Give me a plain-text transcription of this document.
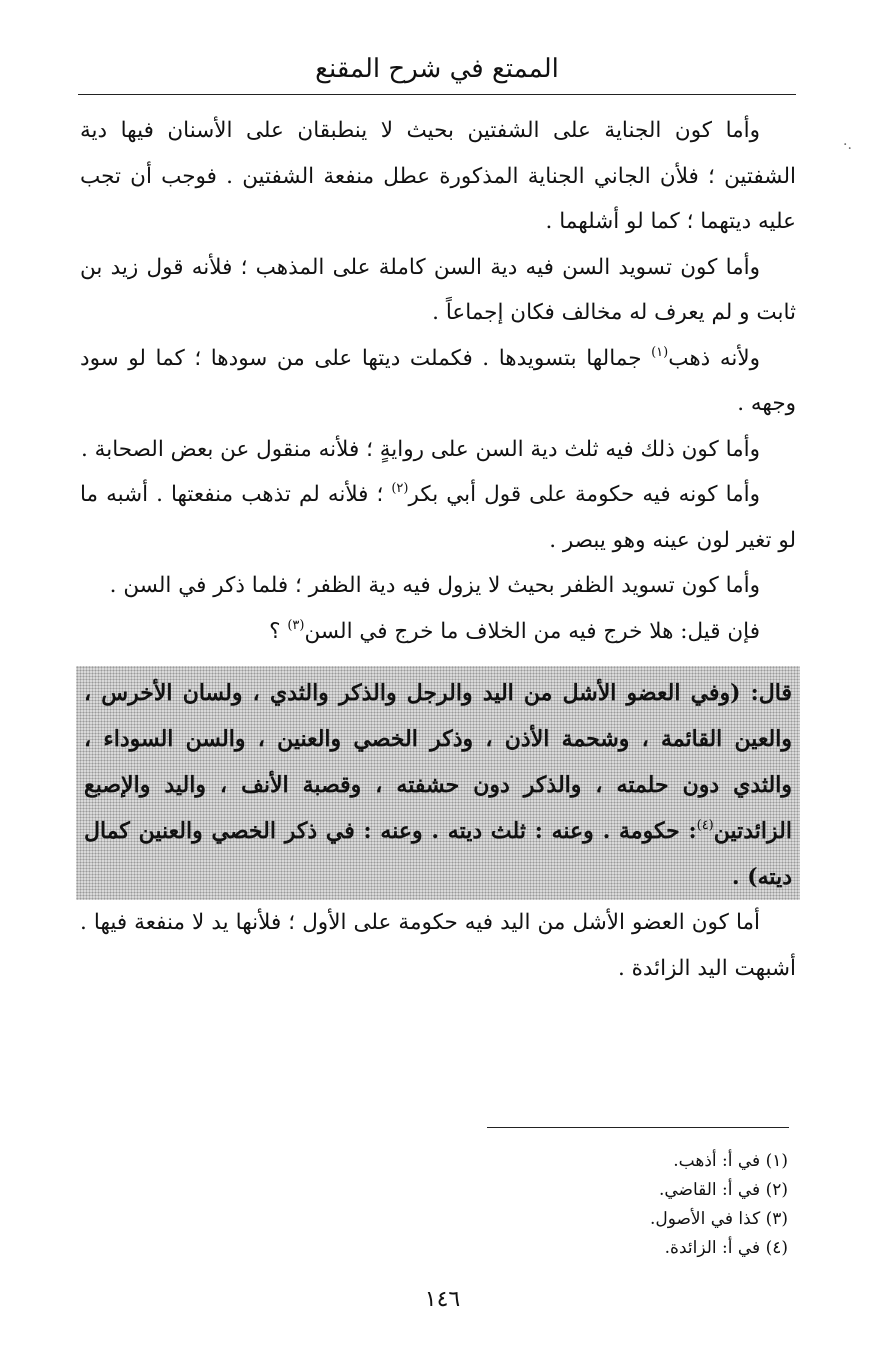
الممتع في شرح المقنع
·.

وأما كون الجناية على الشفتين بحيث لا ينطبقان على الأسنان فيها دية الشفتين ؛ فلأن الجاني الجناية المذكورة عطل منفعة الشفتين . فوجب أن تجب عليه ديتهما ؛ كما لو أشلهما .

وأما كون تسويد السن فيه دية السن كاملة على المذهب ؛ فلأنه قول زيد بن ثابت و لم يعرف له مخالف فكان إجماعاً .

ولأنه ذهب$^{(١)}$ جمالها بتسويدها . فكملت ديتها على من سودها ؛ كما لو سود وجهه .

وأما كون ذلك فيه ثلث دية السن على روايةٍ ؛ فلأنه منقول عن بعض الصحابة .

وأما كونه فيه حكومة على قول أبي بكر$^{(٢)}$ ؛ فلأنه لم تذهب منفعتها . أشبه ما لو تغير لون عينه وهو يبصر .

وأما كون تسويد الظفر بحيث لا يزول فيه دية الظفر ؛ فلما ذكر في السن .

فإن قيل: هلا خرج فيه من الخلاف ما خرج في السن$^{(٣)}$ ؟

قال: (وفي العضو الأشل من اليد والرجل والذكر والثدي ، ولسان الأخرس ، والعين القائمة ، وشحمة الأذن ، وذكر الخصي والعنين ، والسن السوداء ، والثدي دون حلمته ، والذكر دون حشفته ، وقصبة الأنف ، واليد والإصبع الزائدتين$^{(٤)}$: حكومة . وعنه : ثلث ديته . وعنه : في ذكر الخصي والعنين كمال ديته) .

أما كون العضو الأشل من اليد فيه حكومة على الأول ؛ فلأنها يد لا منفعة فيها . أشبهت اليد الزائدة .

(١) في أ: أذهب.
(٢) في أ: القاضي.
(٣) كذا في الأصول.
(٤) في أ: الزائدة.
١٤٦
